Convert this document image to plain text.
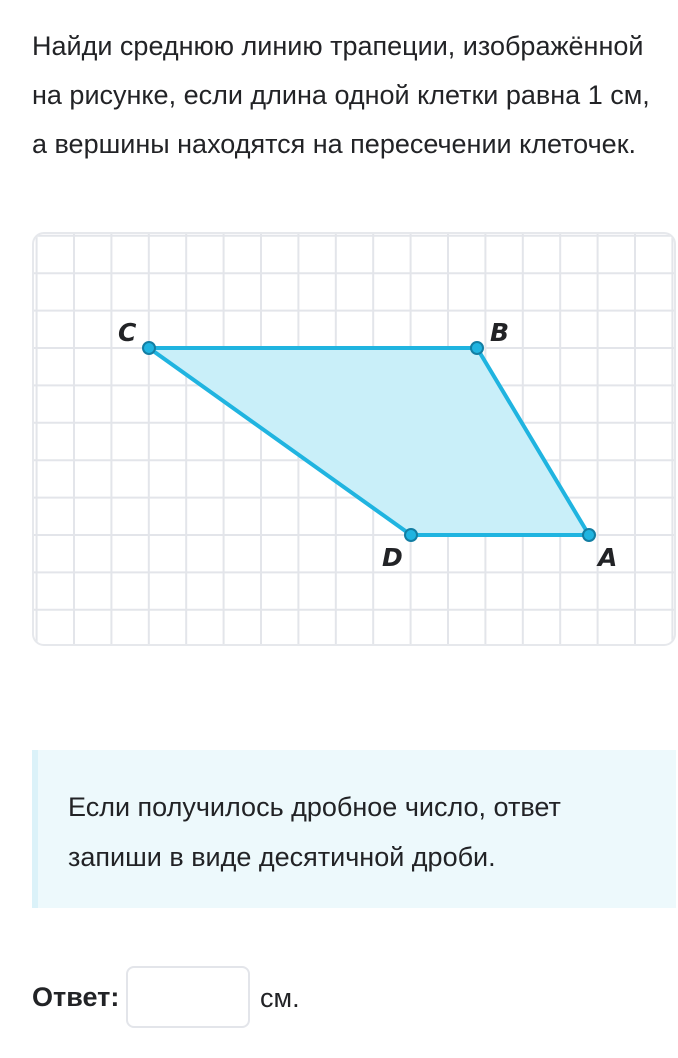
Найди среднюю линию трапеции, изображённой на рисунке, если длина одной клетки равна 1 см, а вершины находятся на пересечении клеточек.

C	B
D	A

Если получилось дробное число, ответ запиши в виде десятичной дроби.

Ответ:	см.
